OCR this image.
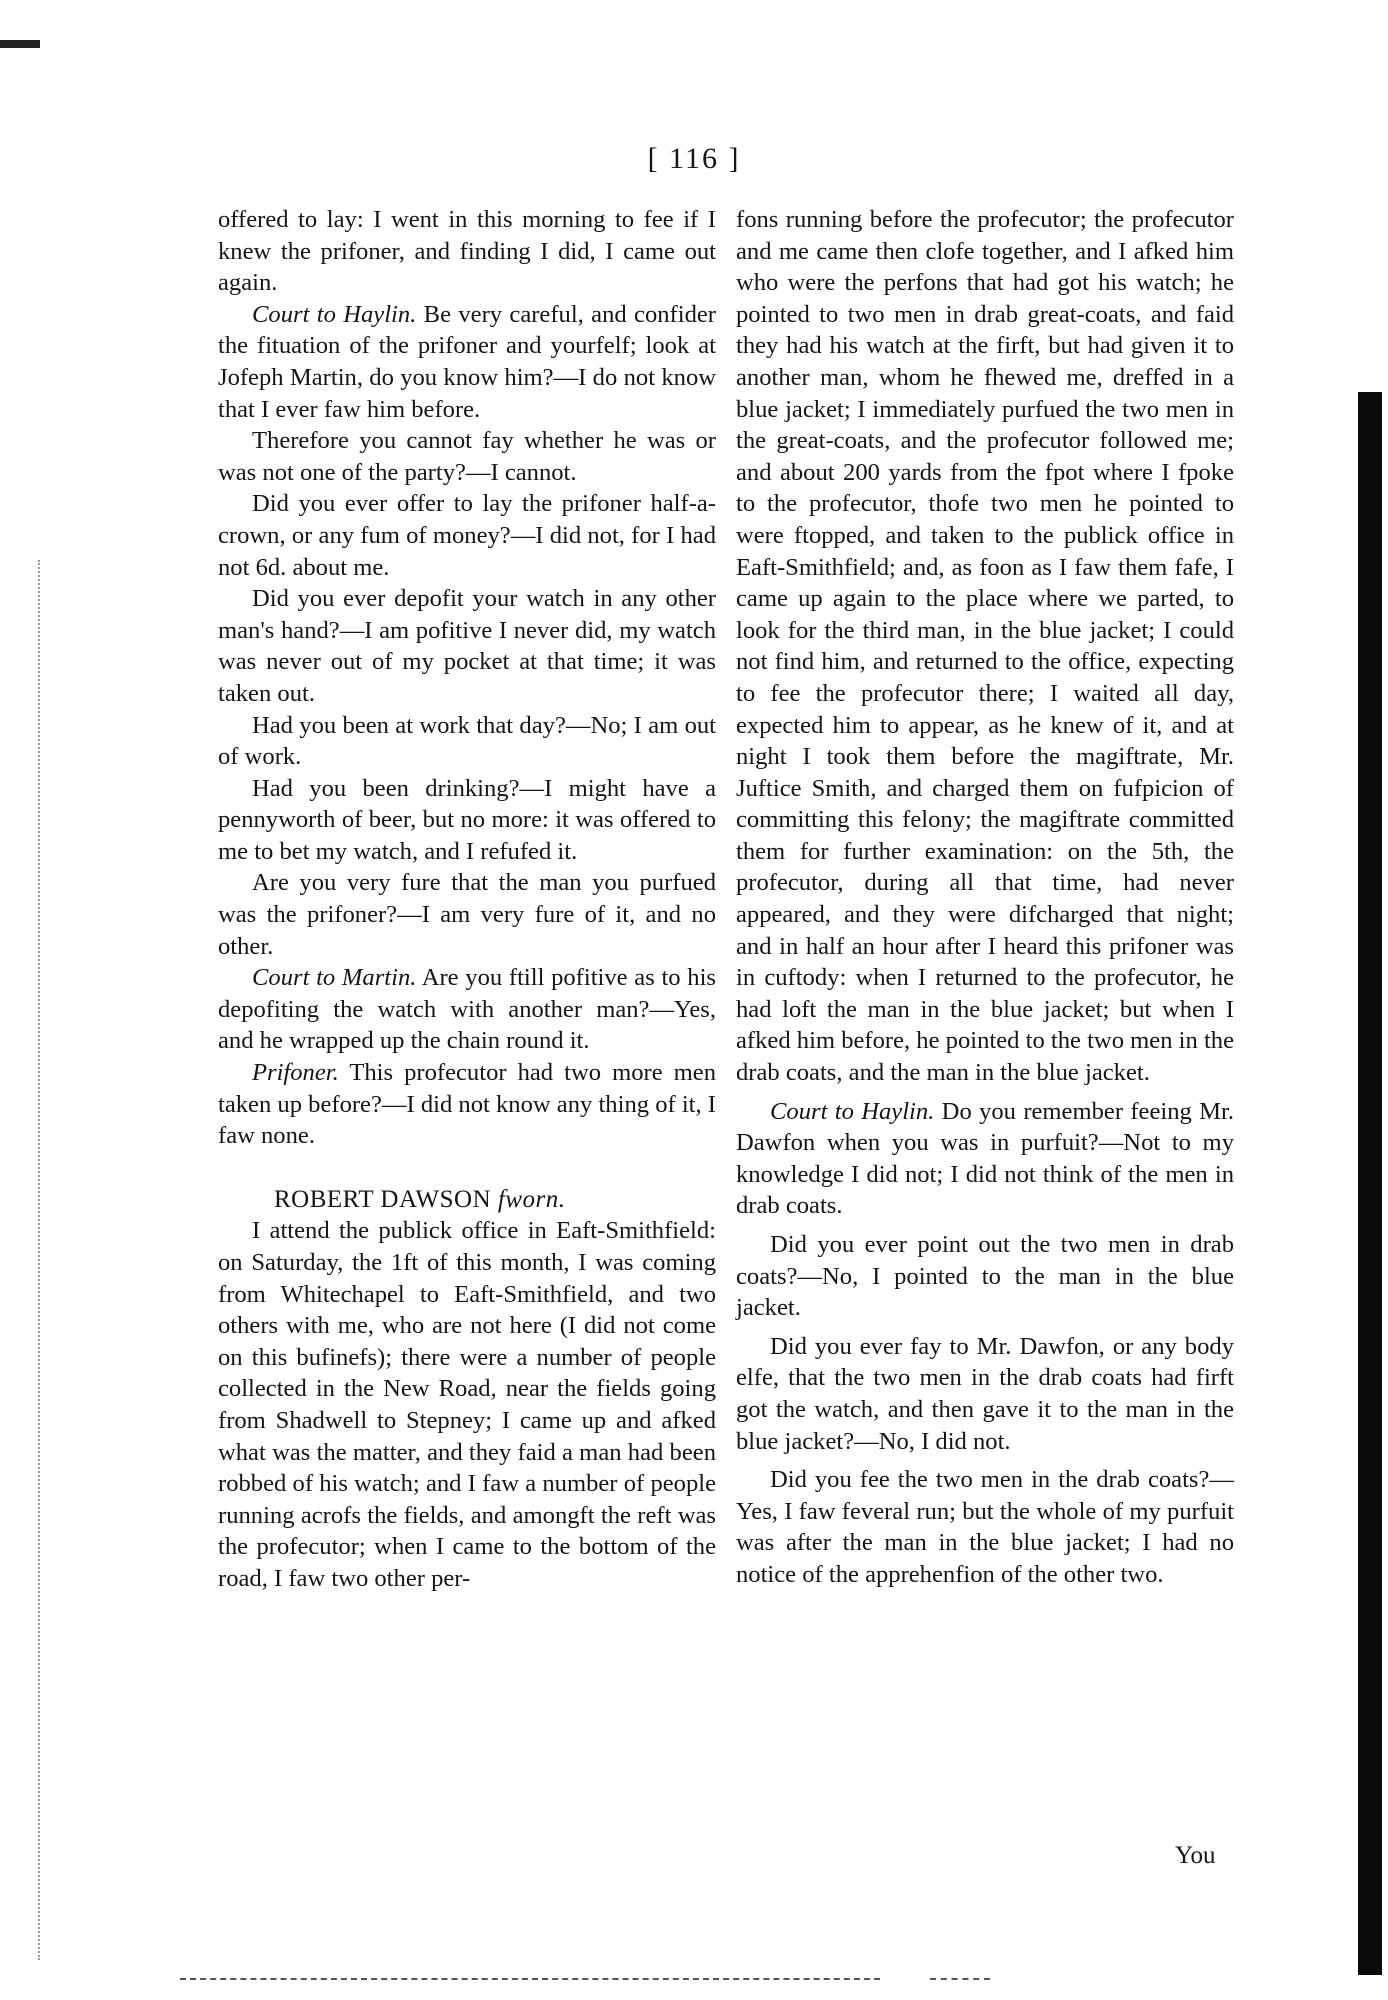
[ 116 ]

offered to lay: I went in this morning to fee if I knew the prifoner, and finding I did, I came out again.

Court to Haylin. Be very careful, and confider the fituation of the prifoner and yourfelf; look at Jofeph Martin, do you know him?—I do not know that I ever faw him before.

Therefore you cannot fay whether he was or was not one of the party?—I cannot.

Did you ever offer to lay the prifoner half-a-crown, or any fum of money?—I did not, for I had not 6d. about me.

Did you ever depofit your watch in any other man's hand?—I am pofitive I never did, my watch was never out of my pocket at that time; it was taken out.

Had you been at work that day?—No; I am out of work.

Had you been drinking?—I might have a pennyworth of beer, but no more: it was offered to me to bet my watch, and I refufed it.

Are you very fure that the man you purfued was the prifoner?—I am very fure of it, and no other.

Court to Martin. Are you ftill pofitive as to his depofiting the watch with another man?—Yes, and he wrapped up the chain round it.

Prifoner. This profecutor had two more men taken up before?—I did not know any thing of it, I faw none.

ROBERT DAWSON fworn.

I attend the publick office in Eaft-Smithfield: on Saturday, the 1ft of this month, I was coming from Whitechapel to Eaft-Smithfield, and two others with me, who are not here (I did not come on this bufinefs); there were a number of people collected in the New Road, near the fields going from Shadwell to Stepney; I came up and afked what was the matter, and they faid a man had been robbed of his watch; and I faw a number of people running acrofs the fields, and amongft the reft was the profecutor; when I came to the bottom of the road, I faw two other per-

fons running before the profecutor; the profecutor and me came then clofe together, and I afked him who were the perfons that had got his watch; he pointed to two men in drab great-coats, and faid they had his watch at the firft, but had given it to another man, whom he fhewed me, dreffed in a blue jacket; I immediately purfued the two men in the great-coats, and the profecutor followed me; and about 200 yards from the fpot where I fpoke to the profecutor, thofe two men he pointed to were ftopped, and taken to the publick office in Eaft-Smithfield; and, as foon as I faw them fafe, I came up again to the place where we parted, to look for the third man, in the blue jacket; I could not find him, and returned to the office, expecting to fee the profecutor there; I waited all day, expected him to appear, as he knew of it, and at night I took them before the magiftrate, Mr. Juftice Smith, and charged them on fufpicion of committing this felony; the magiftrate committed them for further examination: on the 5th, the profecutor, during all that time, had never appeared, and they were difcharged that night; and in half an hour after I heard this prifoner was in cuftody: when I returned to the profecutor, he had loft the man in the blue jacket; but when I afked him before, he pointed to the two men in the drab coats, and the man in the blue jacket.

Court to Haylin. Do you remember feeing Mr. Dawfon when you was in purfuit?—Not to my knowledge I did not; I did not think of the men in drab coats.

Did you ever point out the two men in drab coats?—No, I pointed to the man in the blue jacket.

Did you ever fay to Mr. Dawfon, or any body elfe, that the two men in the drab coats had firft got the watch, and then gave it to the man in the blue jacket?—No, I did not.

Did you fee the two men in the drab coats?—Yes, I faw feveral run; but the whole of my purfuit was after the man in the blue jacket; I had no notice of the apprehenfion of the other two.

You
